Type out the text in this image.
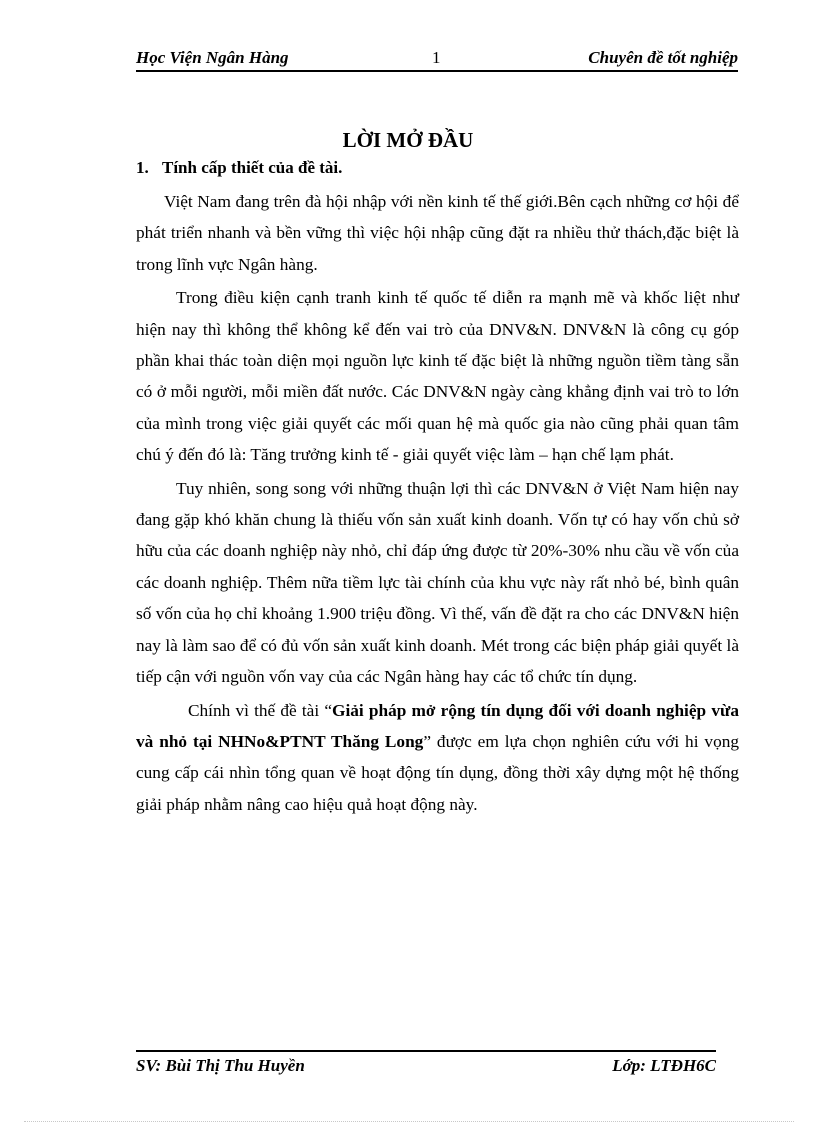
Học Viện Ngân Hàng	1	Chuyên đề tốt nghiệp
LỜI MỞ ĐẦU
1. Tính cấp thiết của đề tài.

Việt Nam đang trên đà hội nhập với nền kinh tế thế giới.Bên cạch những cơ hội để phát triển nhanh và bền vững thì việc hội nhập cũng đặt ra nhiều thử thách,đặc biệt là trong lĩnh vực Ngân hàng.

Trong điều kiện cạnh tranh kinh tế quốc tế diễn ra mạnh mẽ và khốc liệt như hiện nay thì không thể không kể đến vai trò của DNV&N. DNV&N là công cụ góp phần khai thác toàn diện mọi nguồn lực kinh tế đặc biệt là những nguồn tiềm tàng sẵn có ở mỗi người, mỗi miền đất nước. Các DNV&N ngày càng khẳng định vai trò to lớn của mình trong việc giải quyết các mối quan hệ mà quốc gia nào cũng phải quan tâm chú ý đến đó là: Tăng trưởng kinh tế - giải quyết việc làm – hạn chế lạm phát.

Tuy nhiên, song song với những thuận lợi thì các DNV&N ở Việt Nam hiện nay đang gặp khó khăn chung là thiếu vốn sản xuất kinh doanh. Vốn tự có hay vốn chủ sở hữu của các doanh nghiệp này nhỏ, chỉ đáp ứng được từ 20%-30% nhu cầu về vốn của các doanh nghiệp. Thêm nữa tiềm lực tài chính của khu vực này rất nhỏ bé, bình quân số vốn của họ chỉ khoảng 1.900 triệu đồng. Vì thế, vấn đề đặt ra cho các DNV&N hiện nay là làm sao để có đủ vốn sản xuất kinh doanh. Mét trong các biện pháp giải quyết là tiếp cận với nguồn vốn vay của các Ngân hàng hay các tổ chức tín dụng.

Chính vì thế đề tài “Giải pháp mở rộng tín dụng đối với doanh nghiệp vừa và nhỏ tại NHNo&PTNT Thăng Long” được em lựa chọn nghiên cứu với hi vọng cung cấp cái nhìn tổng quan về hoạt động tín dụng, đồng thời xây dựng một hệ thống giải pháp nhằm nâng cao hiệu quả hoạt động này.

SV: Bùi Thị Thu Huyền	Lớp: LTĐH6C
